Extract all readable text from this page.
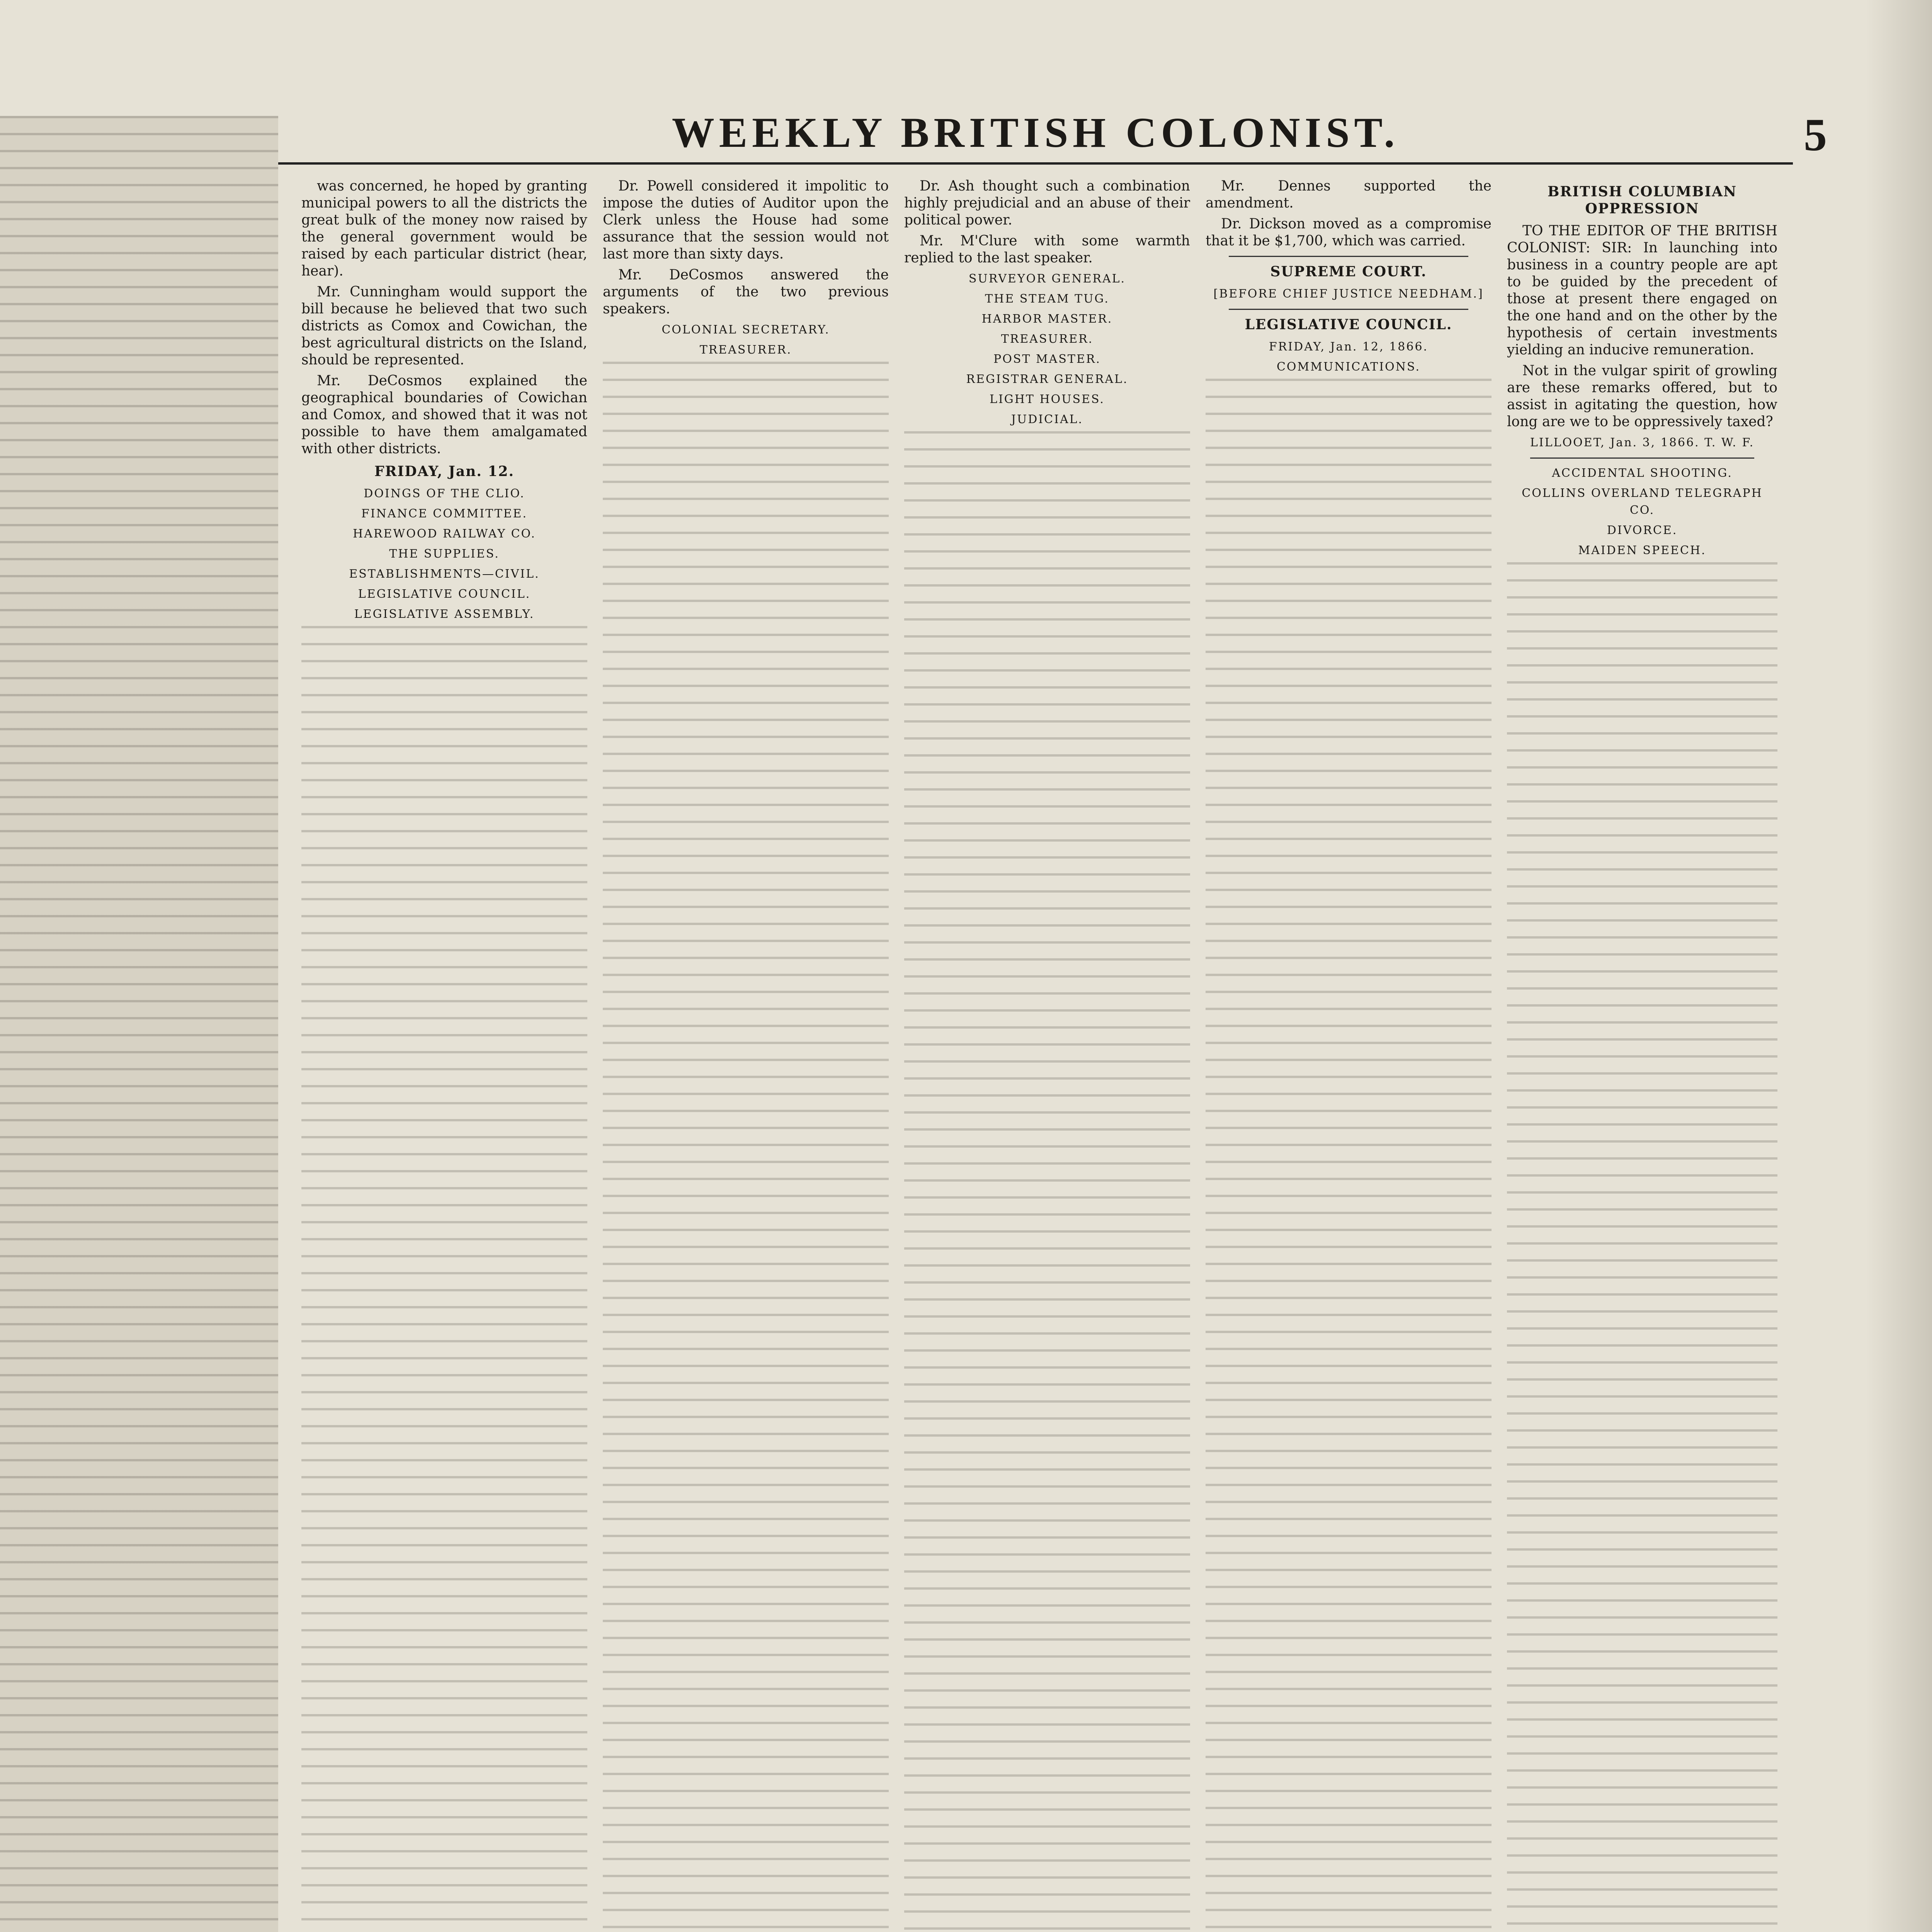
WEEKLY BRITISH COLONIST.	5

was concerned, he hoped by granting municipal powers to all the districts the great bulk of the money now raised by the general government would be raised by each particular district (hear, hear).

Mr. Cunningham would support the bill because he believed that two such districts as Comox and Cowichan, the best agricultural districts on the Island, should be represented.

Mr. DeCosmos explained the geographical boundaries of Cowichan and Comox, and showed that it was not possible to have them amalgamated with other districts.

FRIDAY, Jan. 12.
DOINGS OF THE CLIO.
FINANCE COMMITTEE.
HAREWOOD RAILWAY CO.
THE SUPPLIES.
ESTABLISHMENTS—CIVIL.
LEGISLATIVE COUNCIL.
LEGISLATIVE ASSEMBLY.

Dr. Powell considered it impolitic to impose the duties of Auditor upon the Clerk unless the House had some assurance that the session would not last more than sixty days.

Mr. DeCosmos answered the arguments of the two previous speakers.

COLONIAL SECRETARY.
TREASURER.

Dr. Ash thought such a combination highly prejudicial and an abuse of their political power.

Mr. M'Clure with some warmth replied to the last speaker.

SURVEYOR GENERAL.
THE STEAM TUG.
HARBOR MASTER.
TREASURER.
POST MASTER.
REGISTRAR GENERAL.
LIGHT HOUSES.
JUDICIAL.

Mr. Dennes supported the amendment.

Dr. Dickson moved as a compromise that it be $1,700, which was carried.

SUPREME COURT.
[BEFORE CHIEF JUSTICE NEEDHAM.]
LEGISLATIVE COUNCIL.
FRIDAY, Jan. 12, 1866.
COMMUNICATIONS.
BRITISH COLUMBIAN OPPRESSION

TO THE EDITOR OF THE BRITISH COLONIST: SIR: In launching into business in a country people are apt to be guided by the precedent of those at present there engaged on the one hand and on the other by the hypothesis of certain investments yielding an inducive remuneration.

Not in the vulgar spirit of growling are these remarks offered, but to assist in agitating the question, how long are we to be oppressively taxed?

LILLOOET, Jan. 3, 1866. T. W. F.
ACCIDENTAL SHOOTING.
COLLINS OVERLAND TELEGRAPH CO.
DIVORCE.
MAIDEN SPEECH.
